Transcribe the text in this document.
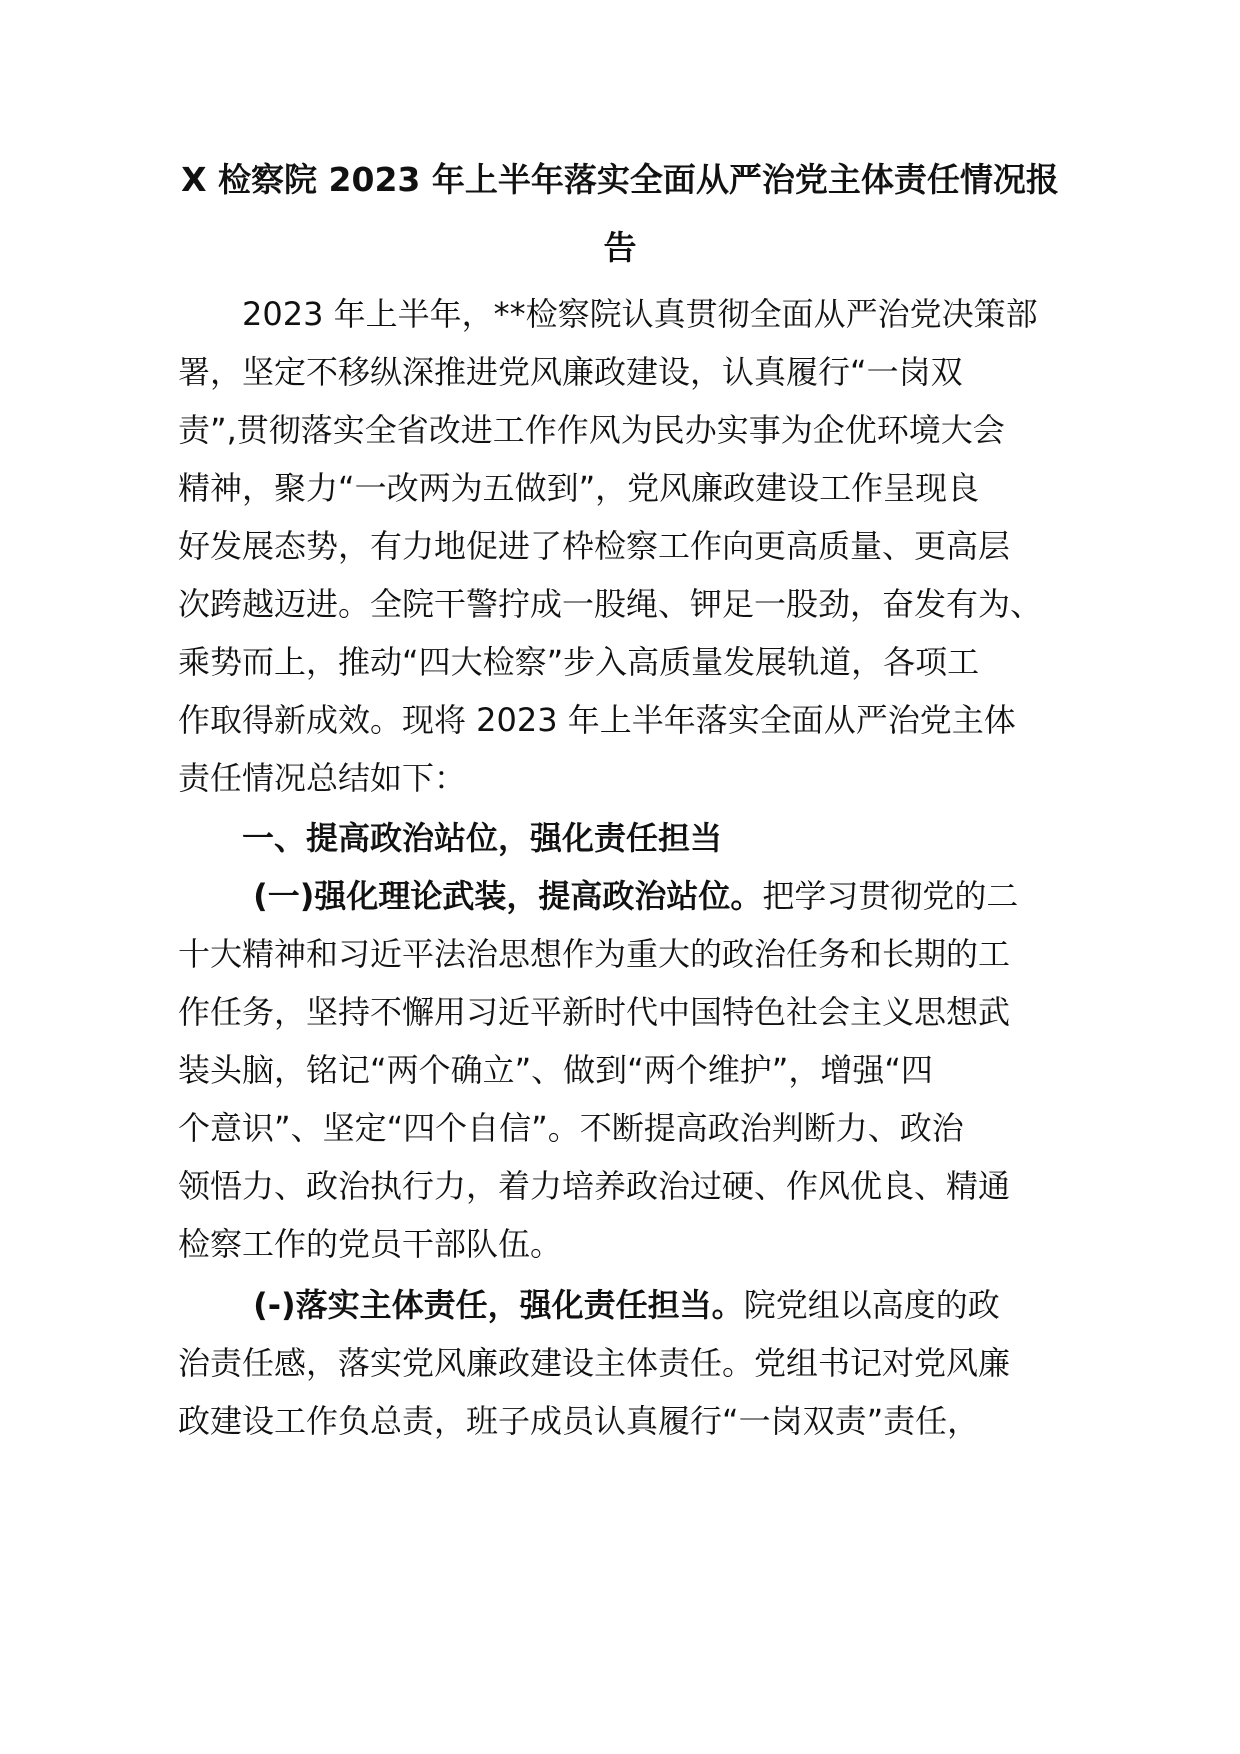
X 检察院 2023 年上半年落实全面从严治党主体责任情况报
告

　　2023 年上半年，**检察院认真贯彻全面从严治党决策部

署，坚定不移纵深推进党风廉政建设，认真履行“一岗双

责”,贯彻落实全省改进工作作风为民办实事为企优环境大会

精神，聚力“一改两为五做到”，党风廉政建设工作呈现良

好发展态势，有力地促进了枠检察工作向更高质量、更高层

次跨越迈进。全院干警拧成一股绳、钾足一股劲，奋发有为、

乘势而上，推动“四大检察”步入高质量发展轨道，各项工

作取得新成效。现将 2023 年上半年落实全面从严治党主体

责任情况总结如下：

　　一、提高政治站位，强化责任担当

　　 (一)强化理论武装，提高政治站位。把学习贯彻党的二

十大精神和习近平法治思想作为重大的政治任务和长期的工

作任务，坚持不懈用习近平新时代中国特色社会主义思想武

装头脑，铭记“两个确立”、做到“两个维护”，增强“四

个意识”、坚定“四个自信”。不断提高政治判断力、政治

领悟力、政治执行力，着力培养政治过硬、作风优良、精通

检察工作的党员干部队伍。

　　 (-)落实主体责任，强化责任担当。院党组以高度的政

治责任感，落实党风廉政建设主体责任。党组书记对党风廉

政建设工作负总责，班子成员认真履行“一岗双责”责任，
